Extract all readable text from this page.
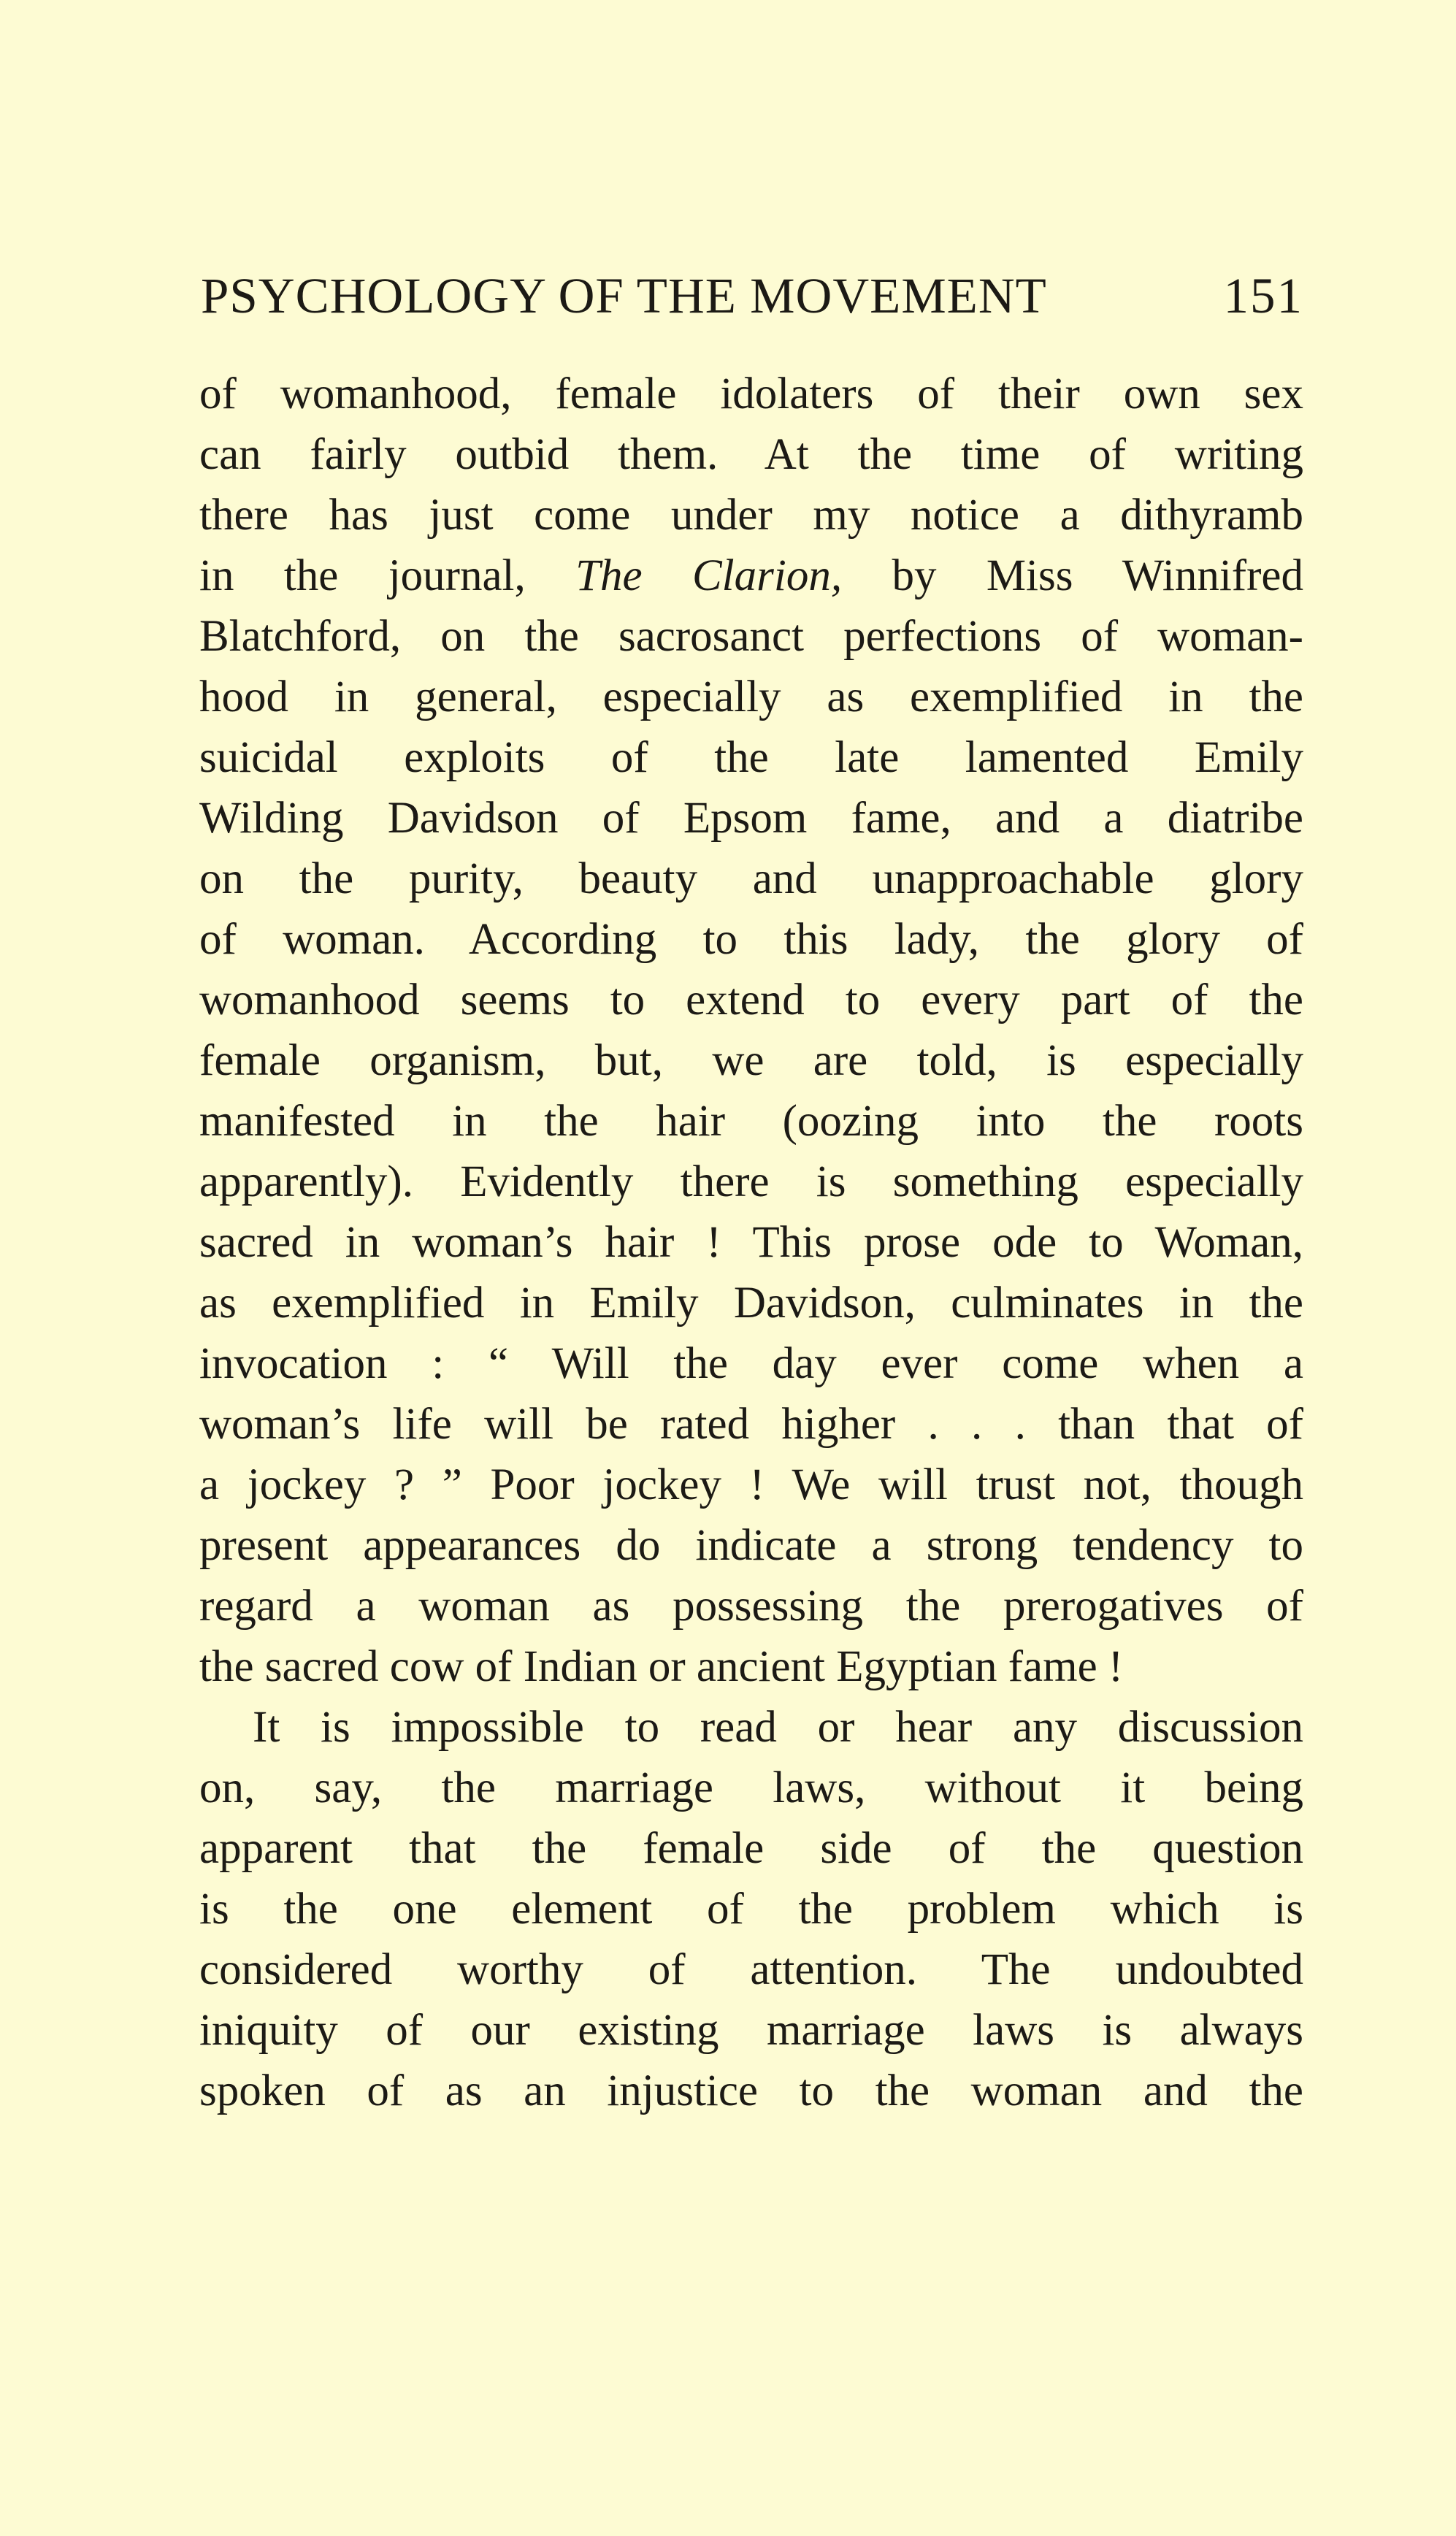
PSYCHOLOGY OF THE MOVEMENT	151
of womanhood, female idolaters of their own sex
can fairly outbid them. At the time of writing
there has just come under my notice a dithyramb
in the journal, The Clarion, by Miss Winnifred
Blatchford, on the sacrosanct perfections of woman-
hood in general, especially as exemplified in the
suicidal exploits of the late lamented Emily
Wilding Davidson of Epsom fame, and a diatribe
on the purity, beauty and unapproachable glory
of woman. According to this lady, the glory of
womanhood seems to extend to every part of the
female organism, but, we are told, is especially
manifested in the hair (oozing into the roots
apparently). Evidently there is something especially
sacred in woman’s hair ! This prose ode to Woman,
as exemplified in Emily Davidson, culminates in the
invocation : “ Will the day ever come when a
woman’s life will be rated higher . . . than that of
a jockey ? ” Poor jockey ! We will trust not, though
present appearances do indicate a strong tendency to
regard a woman as possessing the prerogatives of
the sacred cow of Indian or ancient Egyptian fame !
It is impossible to read or hear any discussion
on, say, the marriage laws, without it being
apparent that the female side of the question
is the one element of the problem which is
considered worthy of attention. The undoubted
iniquity of our existing marriage laws is always
spoken of as an injustice to the woman and the
